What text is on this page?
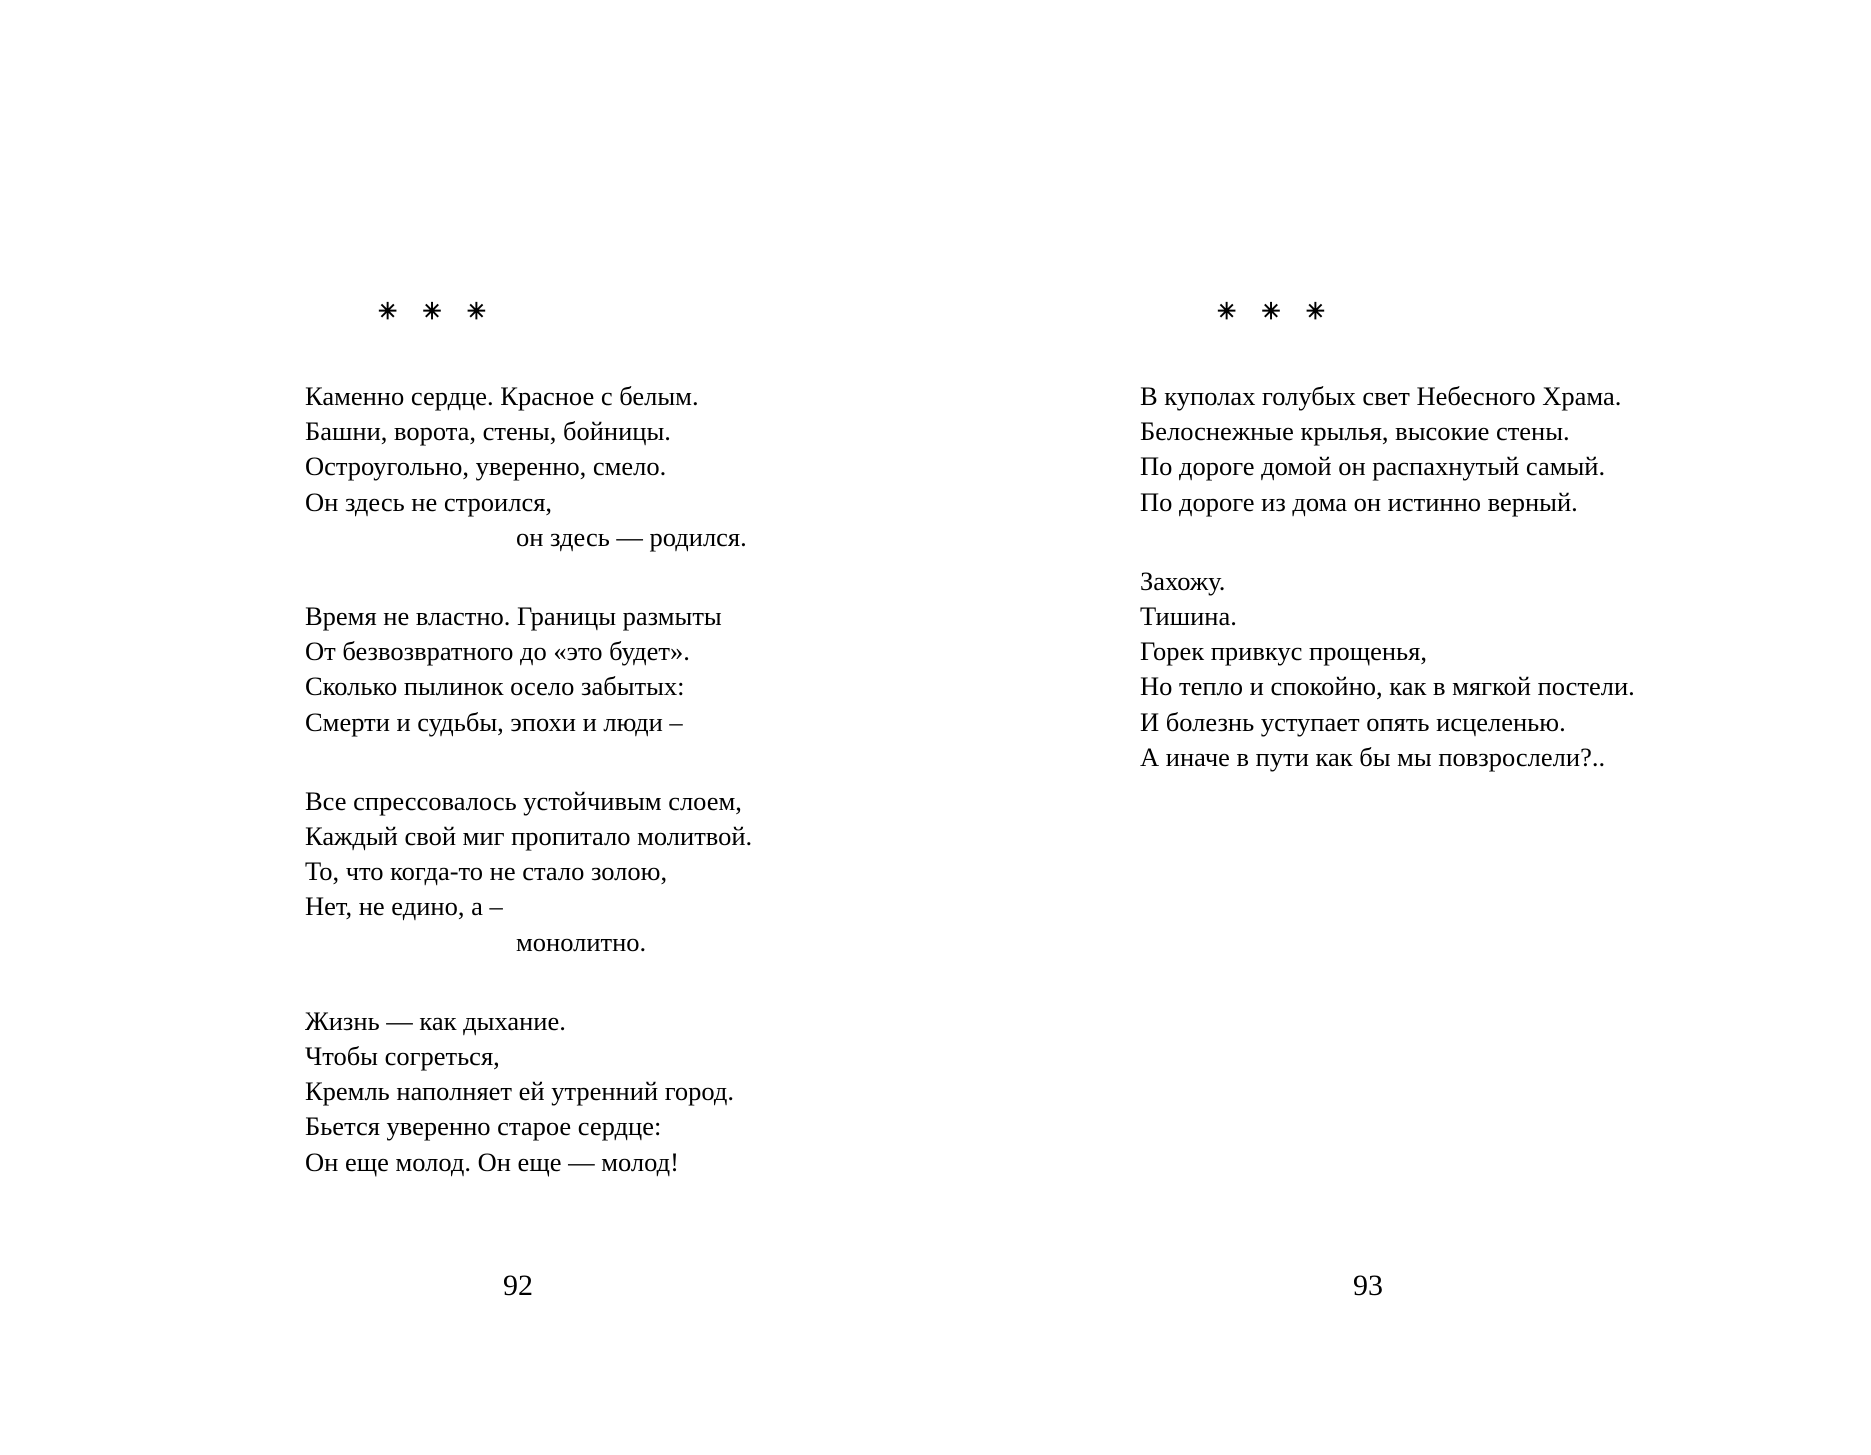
✳ ✳ ✳
Каменно сердце. Красное с белым.
Башни, ворота, стены, бойницы.
Остроугольно, уверенно, смело.
Он здесь не строился,
он здесь — родился.
Время не властно. Границы размыты
От безвозвратного до «это будет».
Сколько пылинок осело забытых:
Смерти и судьбы, эпохи и люди –
Все спрессовалось устойчивым слоем,
Каждый свой миг пропитало молитвой.
То, что когда-то не стало золою,
Нет, не едино, а –
монолитно.
Жизнь — как дыхание.
Чтобы согреться,
Кремль наполняет ей утренний город.
Бьется уверенно старое сердце:
Он еще молод. Он еще — молод!
92
✳ ✳ ✳
В куполах голубых свет Небесного Храма.
Белоснежные крылья, высокие стены.
По дороге домой он распахнутый самый.
По дороге из дома он истинно верный.
Захожу.
Тишина.
Горек привкус прощенья,
Но тепло и спокойно, как в мягкой постели.
И болезнь уступает опять исцеленью.
А иначе в пути как бы мы повзрослели?..
93
